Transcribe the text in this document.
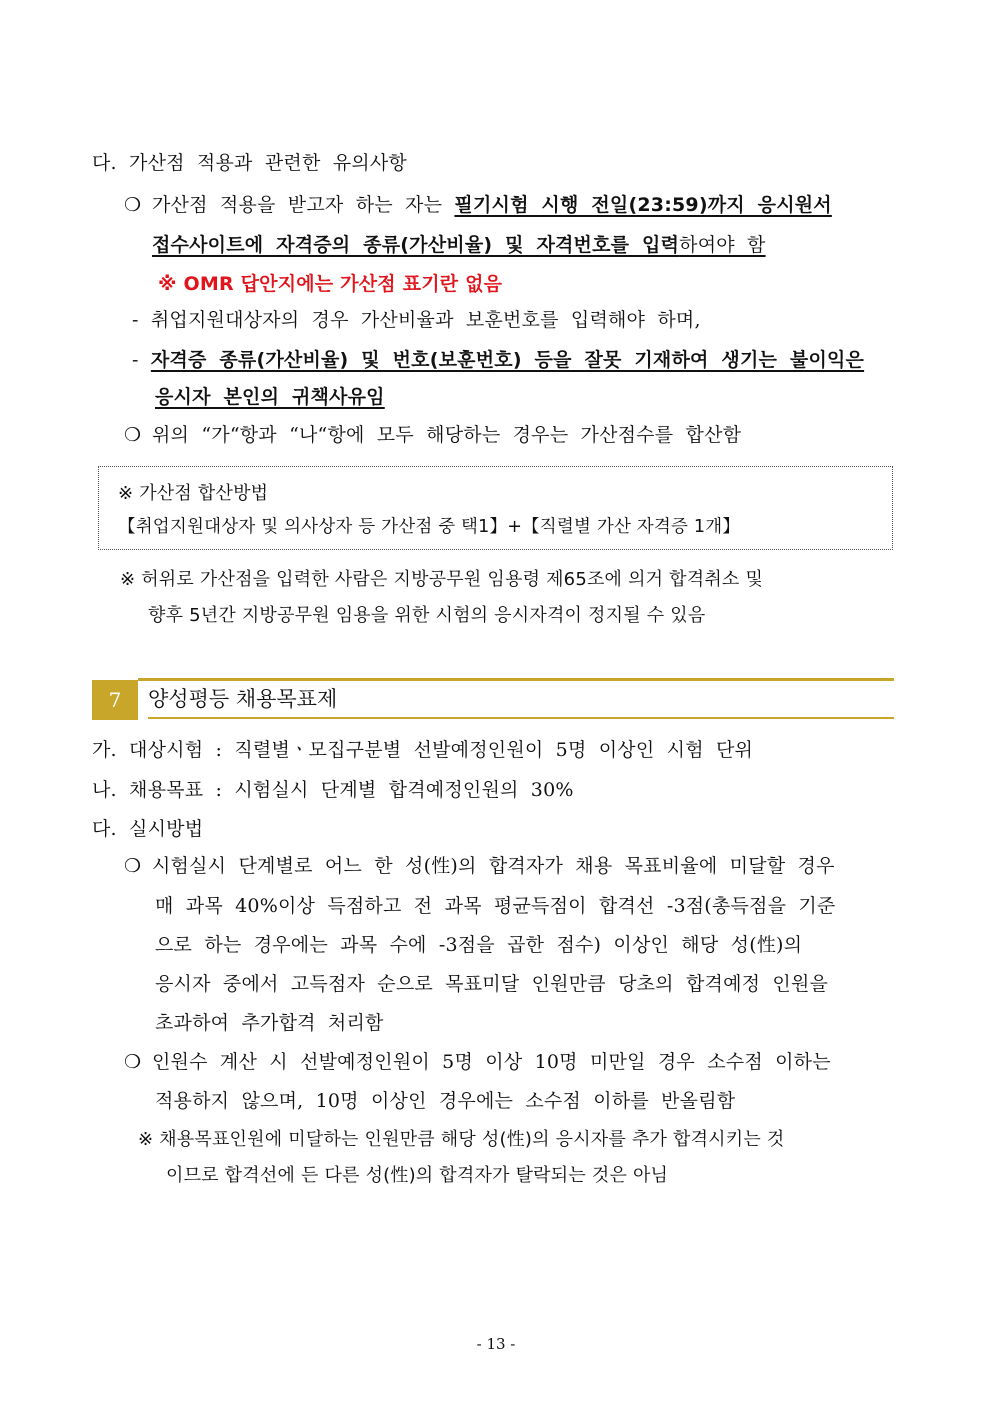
다. 가산점 적용과 관련한 유의사항
❍ 가산점 적용을 받고자 하는 자는 필기시험 시행 전일(23:59)까지 응시원서
접수사이트에 자격증의 종류(가산비율) 및 자격번호를 입력하여야 함
※ OMR 답안지에는 가산점 표기란 없음
- 취업지원대상자의 경우 가산비율과 보훈번호를 입력해야 하며,
- 자격증 종류(가산비율) 및 번호(보훈번호) 등을 잘못 기재하여 생기는 불이익은
응시자 본인의 귀책사유임
❍ 위의 “가“항과 “나“항에 모두 해당하는 경우는 가산점수를 합산함
※ 가산점 합산방법
【취업지원대상자 및 의사상자 등 가산점 중 택1】+【직렬별 가산 자격증 1개】
※ 허위로 가산점을 입력한 사람은 지방공무원 임용령 제65조에 의거 합격취소 및
향후 5년간 지방공무원 임용을 위한 시험의 응시자격이 정지될 수 있음
7	양성평등 채용목표제
가. 대상시험 : 직렬별ㆍ모집구분별 선발예정인원이 5명 이상인 시험 단위
나. 채용목표 : 시험실시 단계별 합격예정인원의 30%
다. 실시방법
❍ 시험실시 단계별로 어느 한 성(性)의 합격자가 채용 목표비율에 미달할 경우
매 과목 40%이상 득점하고 전 과목 평균득점이 합격선 -3점(총득점을 기준
으로 하는 경우에는 과목 수에 -3점을 곱한 점수) 이상인 해당 성(性)의
응시자 중에서 고득점자 순으로 목표미달 인원만큼 당초의 합격예정 인원을
초과하여 추가합격 처리함
❍ 인원수 계산 시 선발예정인원이 5명 이상 10명 미만일 경우 소수점 이하는
적용하지 않으며, 10명 이상인 경우에는 소수점 이하를 반올림함
※ 채용목표인원에 미달하는 인원만큼 해당 성(性)의 응시자를 추가 합격시키는 것
이므로 합격선에 든 다른 성(性)의 합격자가 탈락되는 것은 아님
- 13 -
